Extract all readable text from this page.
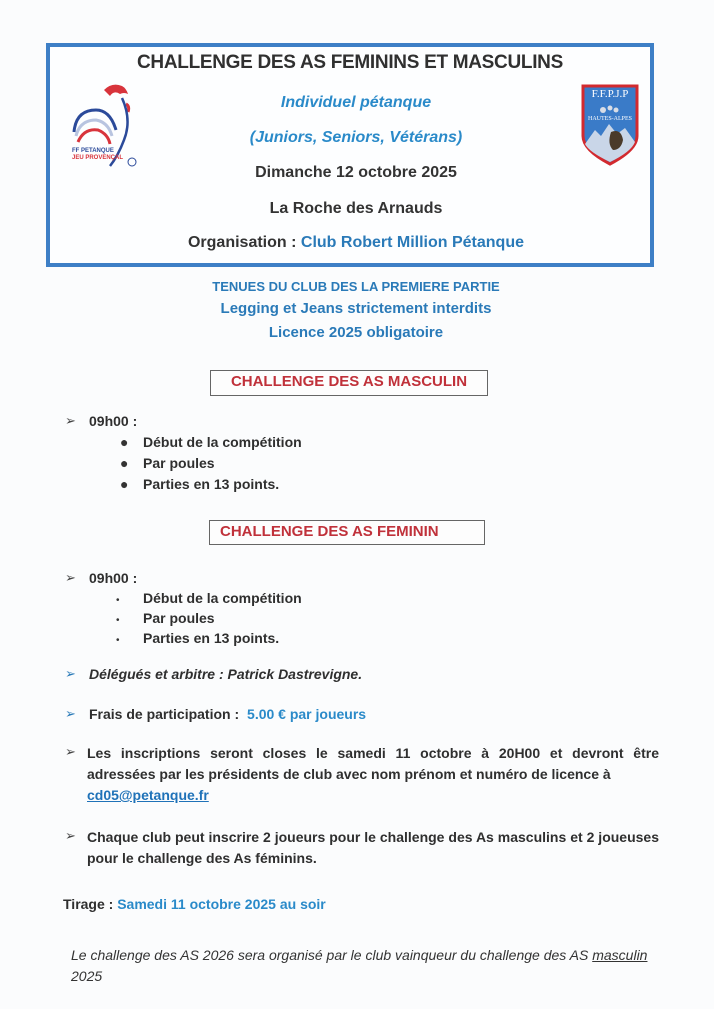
CHALLENGE DES AS FEMININS ET MASCULINS
FF PETANQUE
JEU PROVENÇAL
F.F.P.J.P
HAUTES-ALPES
Individuel pétanque
(Juniors, Seniors, Vétérans)
Dimanche 12 octobre 2025
La Roche des Arnauds
Organisation : Club Robert Million Pétanque
TENUES DU CLUB DES LA PREMIERE PARTIE
Legging et Jeans strictement interdits
Licence 2025 obligatoire
CHALLENGE DES AS MASCULIN
➢ 09h00 :
● Début de la compétition
● Par poules
● Parties en 13 points.
CHALLENGE DES AS FEMININ
➢ 09h00 :
• Début de la compétition
• Par poules
• Parties en 13 points.
➢ Délégués et arbitre : Patrick Dastrevigne.
➢ Frais de participation : 5.00 € par joueurs
➢ Les inscriptions seront closes le samedi 11 octobre à 20H00 et devront être adressées par les présidents de club avec nom prénom et numéro de licence à
cd05@petanque.fr
➢ Chaque club peut inscrire 2 joueurs pour le challenge des As masculins et 2 joueuses pour le challenge des As féminins.
Tirage : Samedi 11 octobre 2025 au soir
Le challenge des AS 2026 sera organisé par le club vainqueur du challenge des AS masculin 2025
